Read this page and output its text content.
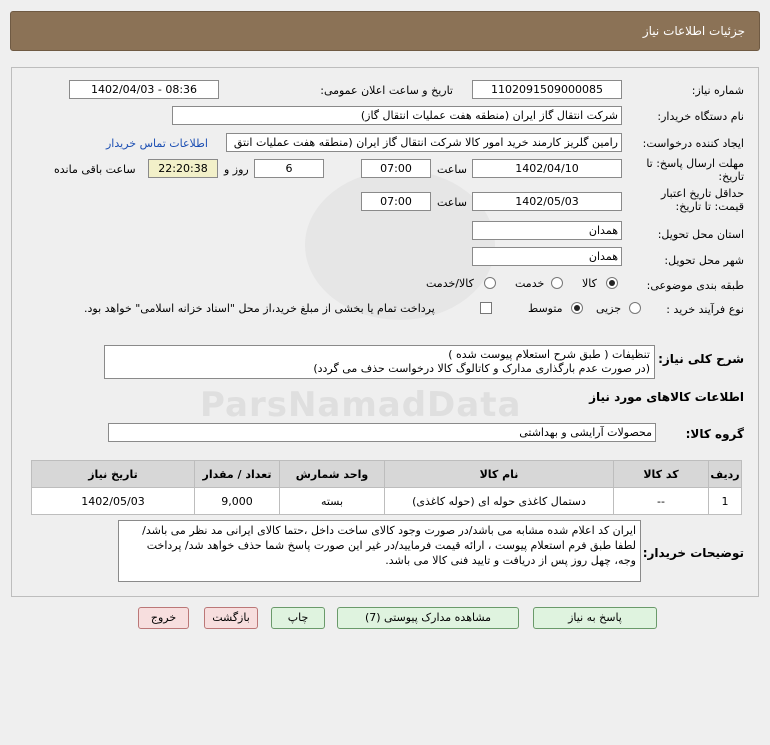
جزئیات اطلاعات نیاز
شماره نیاز:
1102091509000085
تاریخ و ساعت اعلان عمومی:
1402/04/03 - 08:36
نام دستگاه خریدار:
شرکت انتقال گاز ایران (منطقه هفت عملیات انتقال گاز)
ایجاد کننده درخواست:
رامین گلریز کارمند خرید امور کالا شرکت انتقال گاز ایران (منطقه هفت عملیات انتق
اطلاعات تماس خریدار
مهلت ارسال پاسخ: تا
تاریخ:
1402/04/10
ساعت
07:00
6
روز و
22:20:38
ساعت باقی مانده
حداقل تاریخ اعتبار
قیمت: تا تاریخ:
1402/05/03
ساعت
07:00
استان محل تحویل:
همدان
شهر محل تحویل:
همدان
طبقه بندی موضوعی:
کالا
خدمت
کالا/خدمت
نوع فرآیند خرید :
جزیی
متوسط
پرداخت تمام یا بخشی از مبلغ خرید،از محل "اسناد خزانه اسلامی" خواهد بود.
شرح کلی نیاز:
تنظیفات ( طبق شرح استعلام پیوست شده )
(در صورت عدم بارگذاری مدارک و کاتالوگ کالا درخواست حذف می گردد)
اطلاعات کالاهای مورد نیاز
گروه کالا:
محصولات آرایشی و بهداشتی
ردیف	کد کالا	نام کالا	واحد شمارش	تعداد / مقدار	تاریخ نیاز
1	--	دستمال کاغذی حوله ای (حوله کاغذی)	بسته	9,000	1402/05/03
توضیحات خریدار:
ایران کد اعلام شده مشابه می باشد/در صورت وجود کالای ساخت داخل ،حتما کالای ایرانی مد نظر می باشد/لطفا طبق فرم استعلام پیوست ، ارائه قیمت فرمایید/در غیر این صورت پاسخ شما حذف خواهد شد/ پرداخت وجه، چهل روز پس از دریافت و تایید فنی کالا می باشد.
پاسخ به نیاز
مشاهده مدارک پیوستی (7)
چاپ
بازگشت
خروج
